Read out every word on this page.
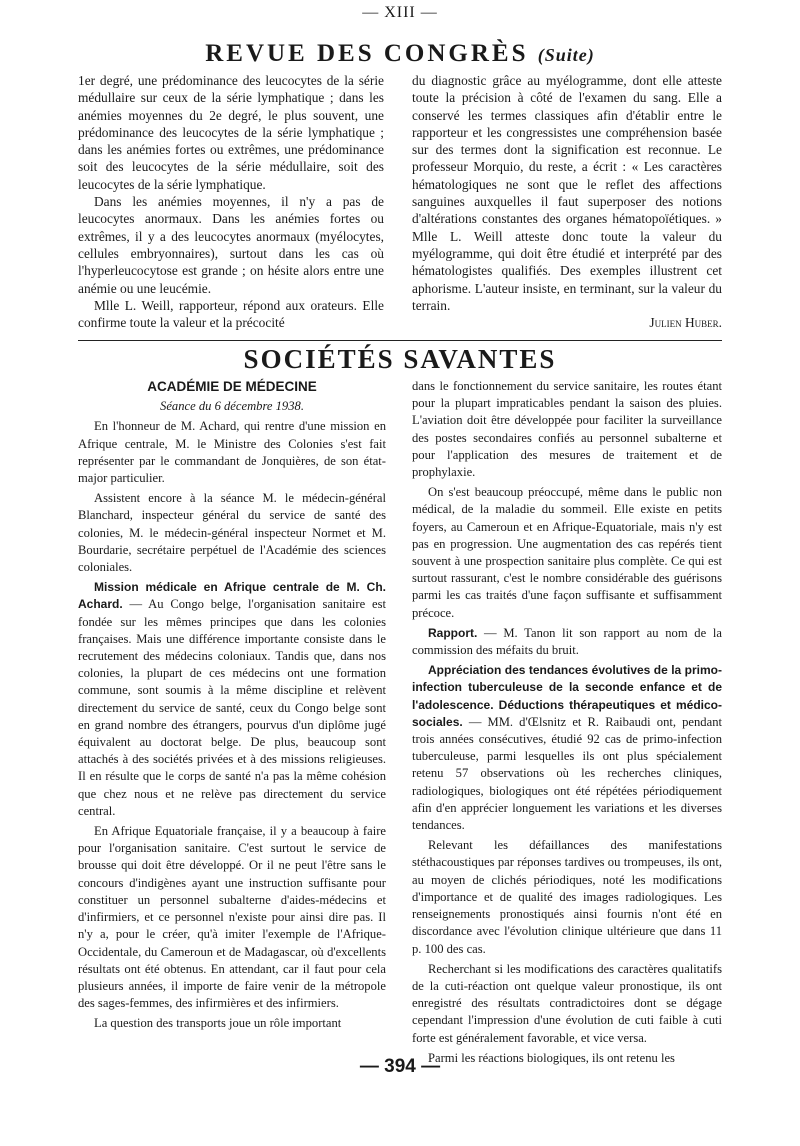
— XIII —
REVUE DES CONGRÈS (Suite)

1er degré, une prédominance des leucocytes de la série médullaire sur ceux de la série lymphatique ; dans les anémies moyennes du 2e degré, le plus souvent, une prédominance des leucocytes de la série lymphatique ; dans les anémies fortes ou extrêmes, une prédominance soit des leucocytes de la série médullaire, soit des leucocytes de la série lymphatique.

Dans les anémies moyennes, il n'y a pas de leucocytes anormaux. Dans les anémies fortes ou extrêmes, il y a des leucocytes anormaux (myélocytes, cellules embryonnaires), surtout dans les cas où l'hyperleucocytose est grande ; on hésite alors entre une anémie ou une leucémie.

Mlle L. Weill, rapporteur, répond aux orateurs. Elle confirme toute la valeur et la précocité

du diagnostic grâce au myélogramme, dont elle atteste toute la précision à côté de l'examen du sang. Elle a conservé les termes classiques afin d'établir entre le rapporteur et les congressistes une compréhension basée sur des termes dont la signification est reconnue. Le professeur Morquio, du reste, a écrit : « Les caractères hématologiques ne sont que le reflet des affections sanguines auxquelles il faut superposer des notions d'altérations constantes des organes hématopoïétiques. » Mlle L. Weill atteste donc toute la valeur du myélogramme, qui doit être étudié et interprété par des hématologistes qualifiés. Des exemples illustrent cet aphorisme. L'auteur insiste, en terminant, sur la valeur du terrain.

Julien Huber.

SOCIÉTÉS SAVANTES

ACADÉMIE DE MÉDECINE

Séance du 6 décembre 1938.

En l'honneur de M. Achard, qui rentre d'une mission en Afrique centrale, M. le Ministre des Colonies s'est fait représenter par le commandant de Jonquières, de son état-major particulier.

Assistent encore à la séance M. le médecin-général Blanchard, inspecteur général du service de santé des colonies, M. le médecin-général inspecteur Normet et M. Bourdarie, secrétaire perpétuel de l'Académie des sciences coloniales.

Mission médicale en Afrique centrale de M. Ch. Achard. — Au Congo belge, l'organisation sanitaire est fondée sur les mêmes principes que dans les colonies françaises. Mais une différence importante consiste dans le recrutement des médecins coloniaux. Tandis que, dans nos colonies, la plupart de ces médecins ont une formation commune, sont soumis à la même discipline et relèvent directement du service de santé, ceux du Congo belge sont en grand nombre des étrangers, pourvus d'un diplôme jugé équivalent au doctorat belge. De plus, beaucoup sont attachés à des sociétés privées et à des missions religieuses. Il en résulte que le corps de santé n'a pas la même cohésion que chez nous et ne relève pas directement du service central.

En Afrique Equatoriale française, il y a beaucoup à faire pour l'organisation sanitaire. C'est surtout le service de brousse qui doit être développé. Or il ne peut l'être sans le concours d'indigènes ayant une instruction suffisante pour constituer un personnel subalterne d'aides-médecins et d'infirmiers, et ce personnel n'existe pour ainsi dire pas. Il n'y a, pour le créer, qu'à imiter l'exemple de l'Afrique-Occidentale, du Cameroun et de Madagascar, où d'excellents résultats ont été obtenus. En attendant, car il faut pour cela plusieurs années, il importe de faire venir de la métropole des sages-femmes, des infirmières et des infirmiers.

La question des transports joue un rôle important

dans le fonctionnement du service sanitaire, les routes étant pour la plupart impraticables pendant la saison des pluies. L'aviation doit être développée pour faciliter la surveillance des postes secondaires confiés au personnel subalterne et pour l'application des mesures de traitement et de prophylaxie.

On s'est beaucoup préoccupé, même dans le public non médical, de la maladie du sommeil. Elle existe en petits foyers, au Cameroun et en Afrique-Equatoriale, mais n'y est pas en progression. Une augmentation des cas repérés tient souvent à une prospection sanitaire plus complète. Ce qui est surtout rassurant, c'est le nombre considérable des guérisons parmi les cas traités d'une façon suffisante et suffisamment précoce.

Rapport. — M. Tanon lit son rapport au nom de la commission des méfaits du bruit.

Appréciation des tendances évolutives de la primo-infection tuberculeuse de la seconde enfance et de l'adolescence. Déductions thérapeutiques et médico-sociales. — MM. d'Œlsnitz et R. Raibaudi ont, pendant trois années consécutives, étudié 92 cas de primo-infection tuberculeuse, parmi lesquelles ils ont plus spécialement retenu 57 observations où les recherches cliniques, radiologiques, biologiques ont été répétées périodiquement afin d'en apprécier longuement les variations et les diverses tendances.

Relevant les défaillances des manifestations stéthacoustiques par réponses tardives ou trompeuses, ils ont, au moyen de clichés périodiques, noté les modifications d'importance et de qualité des images radiologiques. Les renseignements pronostiqués ainsi fournis n'ont été en discordance avec l'évolution clinique ultérieure que dans 11 p. 100 des cas.

Recherchant si les modifications des caractères qualitatifs de la cuti-réaction ont quelque valeur pronostique, ils ont enregistré des résultats contradictoires dont se dégage cependant l'impression d'une évolution de cuti faible à cuti forte est généralement favorable, et vice versa.

Parmi les réactions biologiques, ils ont retenu les

— 394 —
